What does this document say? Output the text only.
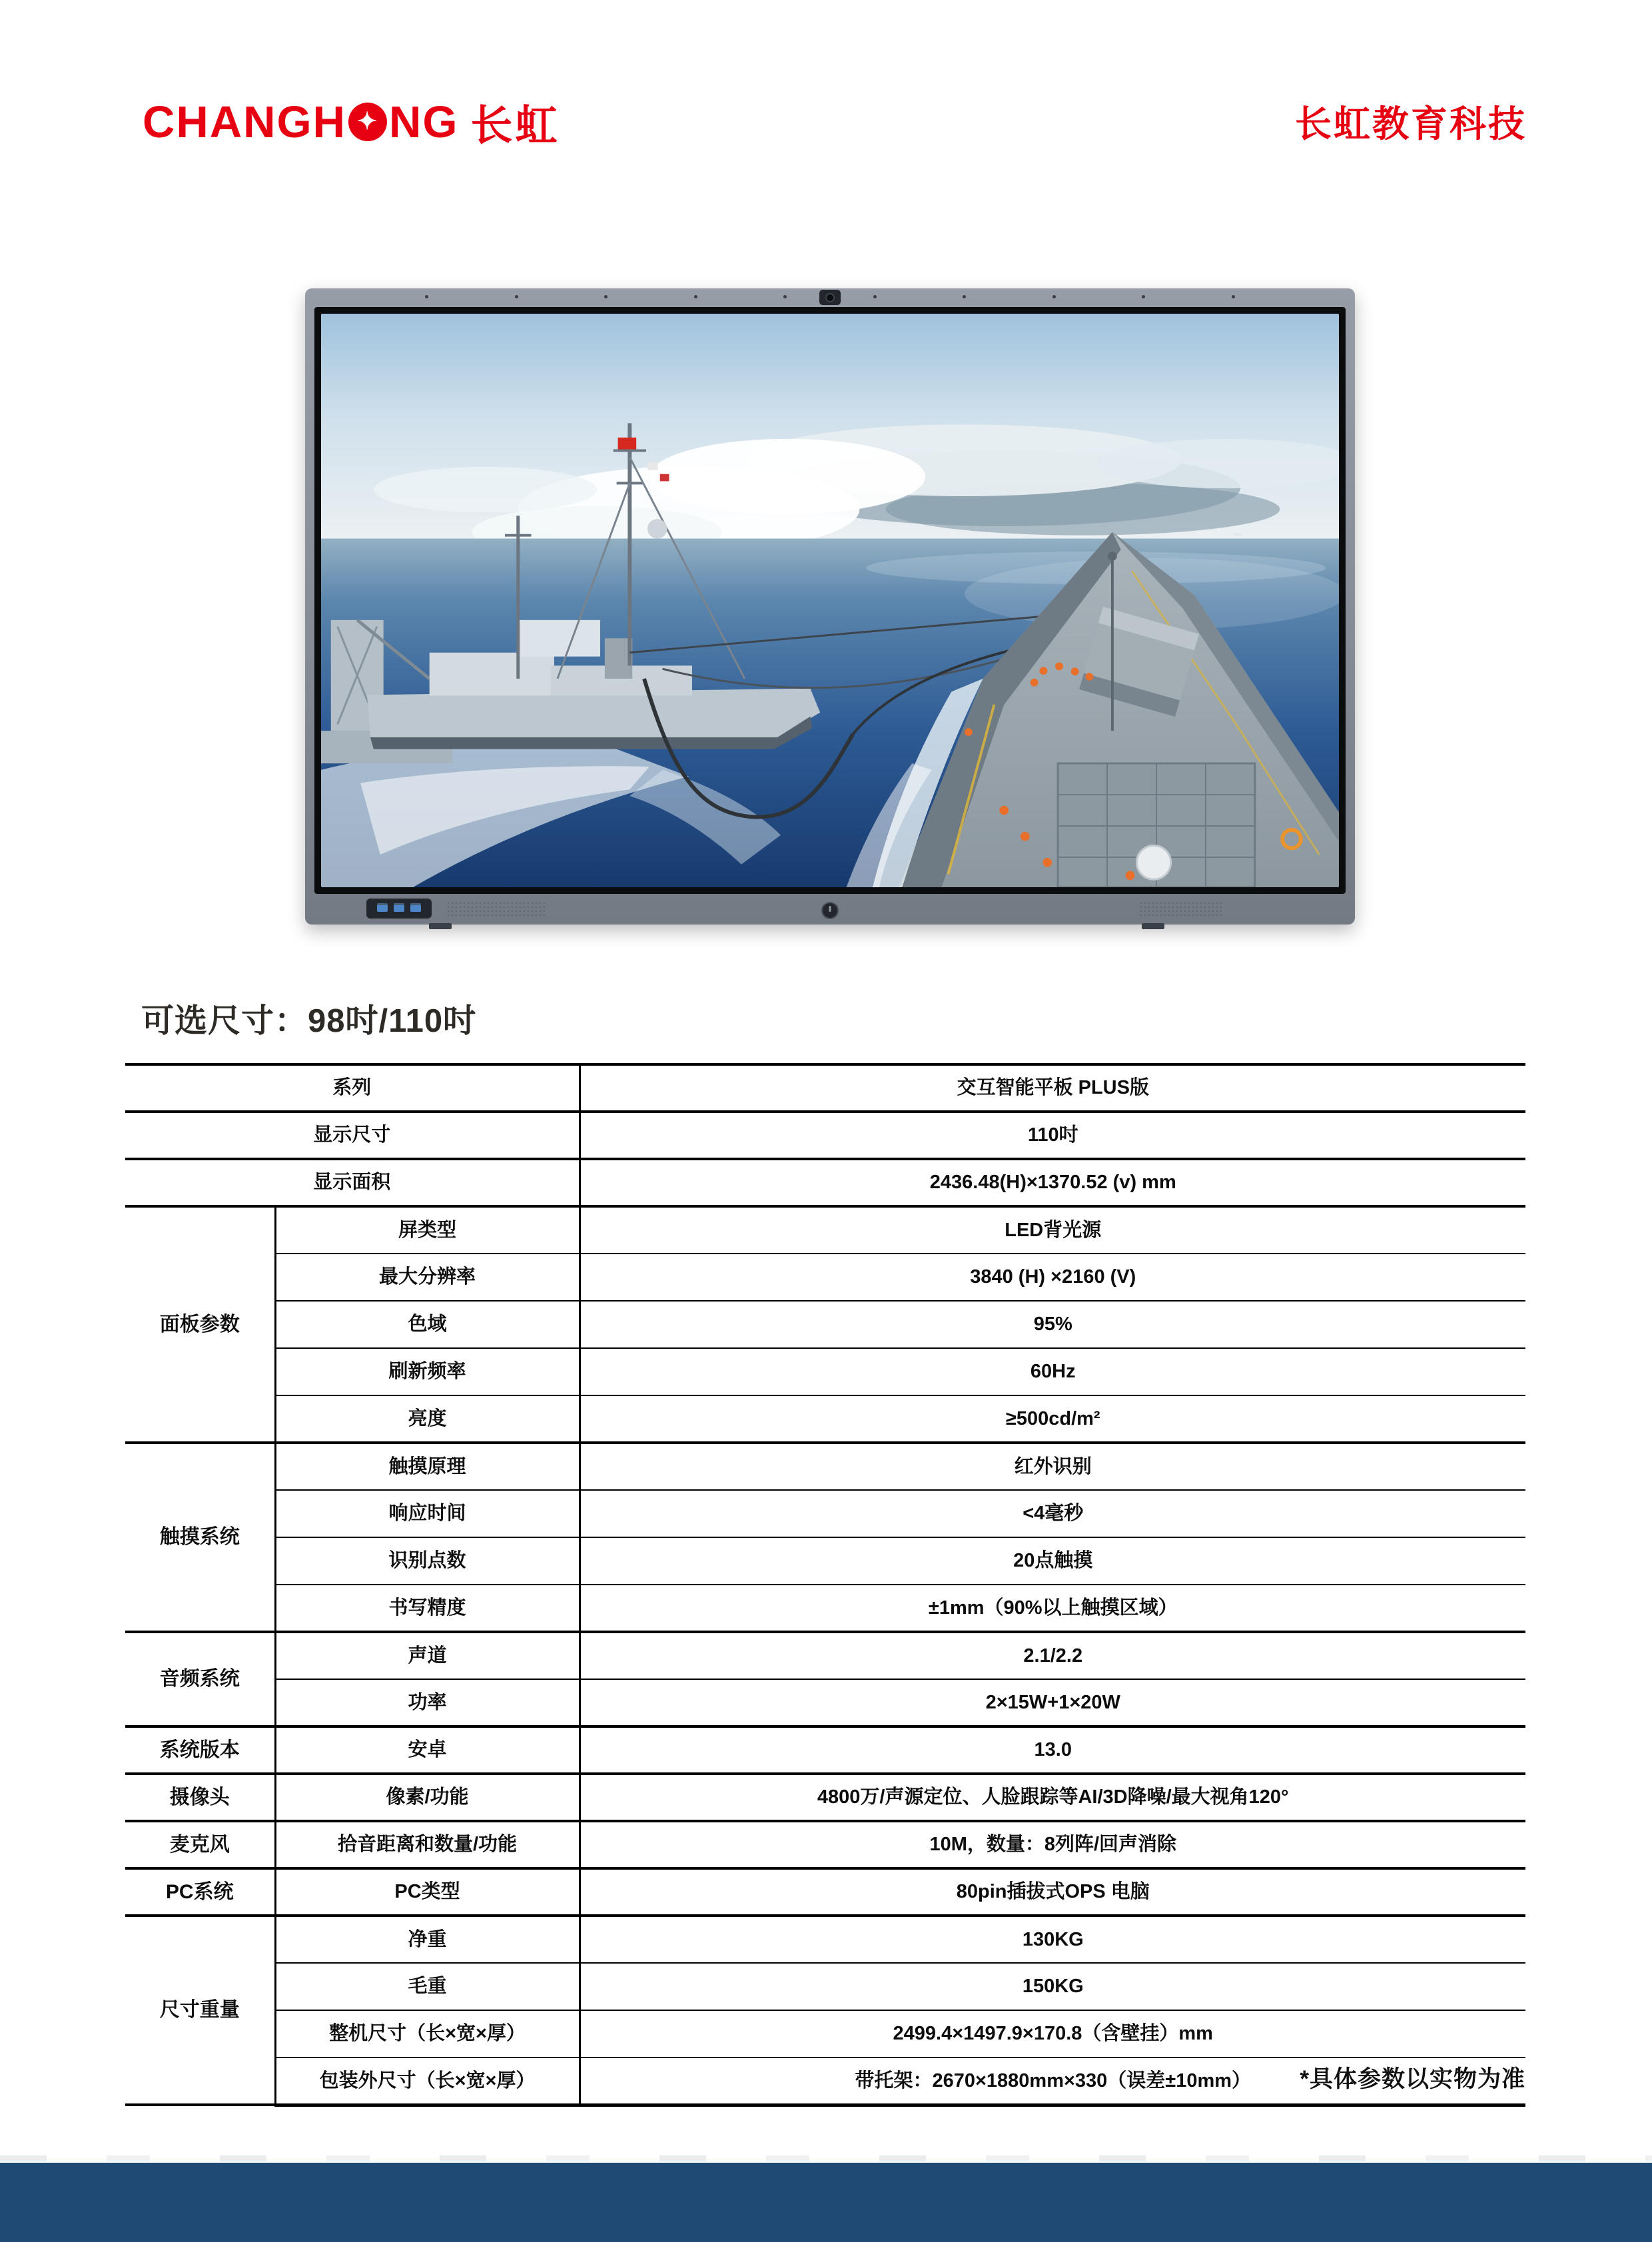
CHANGH ✦ NG 长虹	长虹教育科技
可选尺寸：98吋/110吋
系列		交互智能平板 PLUS版
显示尺寸		110吋
显示面积		2436.48(H)×1370.52 (v) mm
面板参数	屏类型	LED背光源
	最大分辨率	3840 (H) ×2160 (V)
	色域	95%
	刷新频率	60Hz
	亮度	≥500cd/m²
触摸系统	触摸原理	红外识别
	响应时间	<4毫秒
	识别点数	20点触摸
	书写精度	±1mm（90%以上触摸区域）
音频系统	声道	2.1/2.2
	功率	2×15W+1×20W
系统版本	安卓	13.0
摄像头	像素/功能	4800万/声源定位、人脸跟踪等AI/3D降噪/最大视角120°
麦克风	拾音距离和数量/功能	10M，数量：8列阵/回声消除
PC系统	PC类型	80pin插拔式OPS 电脑
尺寸重量	净重	130KG
	毛重	150KG
	整机尺寸（长×宽×厚）	2499.4×1497.9×170.8（含壁挂）mm
	包装外尺寸（长×宽×厚）	带托架：2670×1880mm×330（误差±10mm） *具体参数以实物为准
